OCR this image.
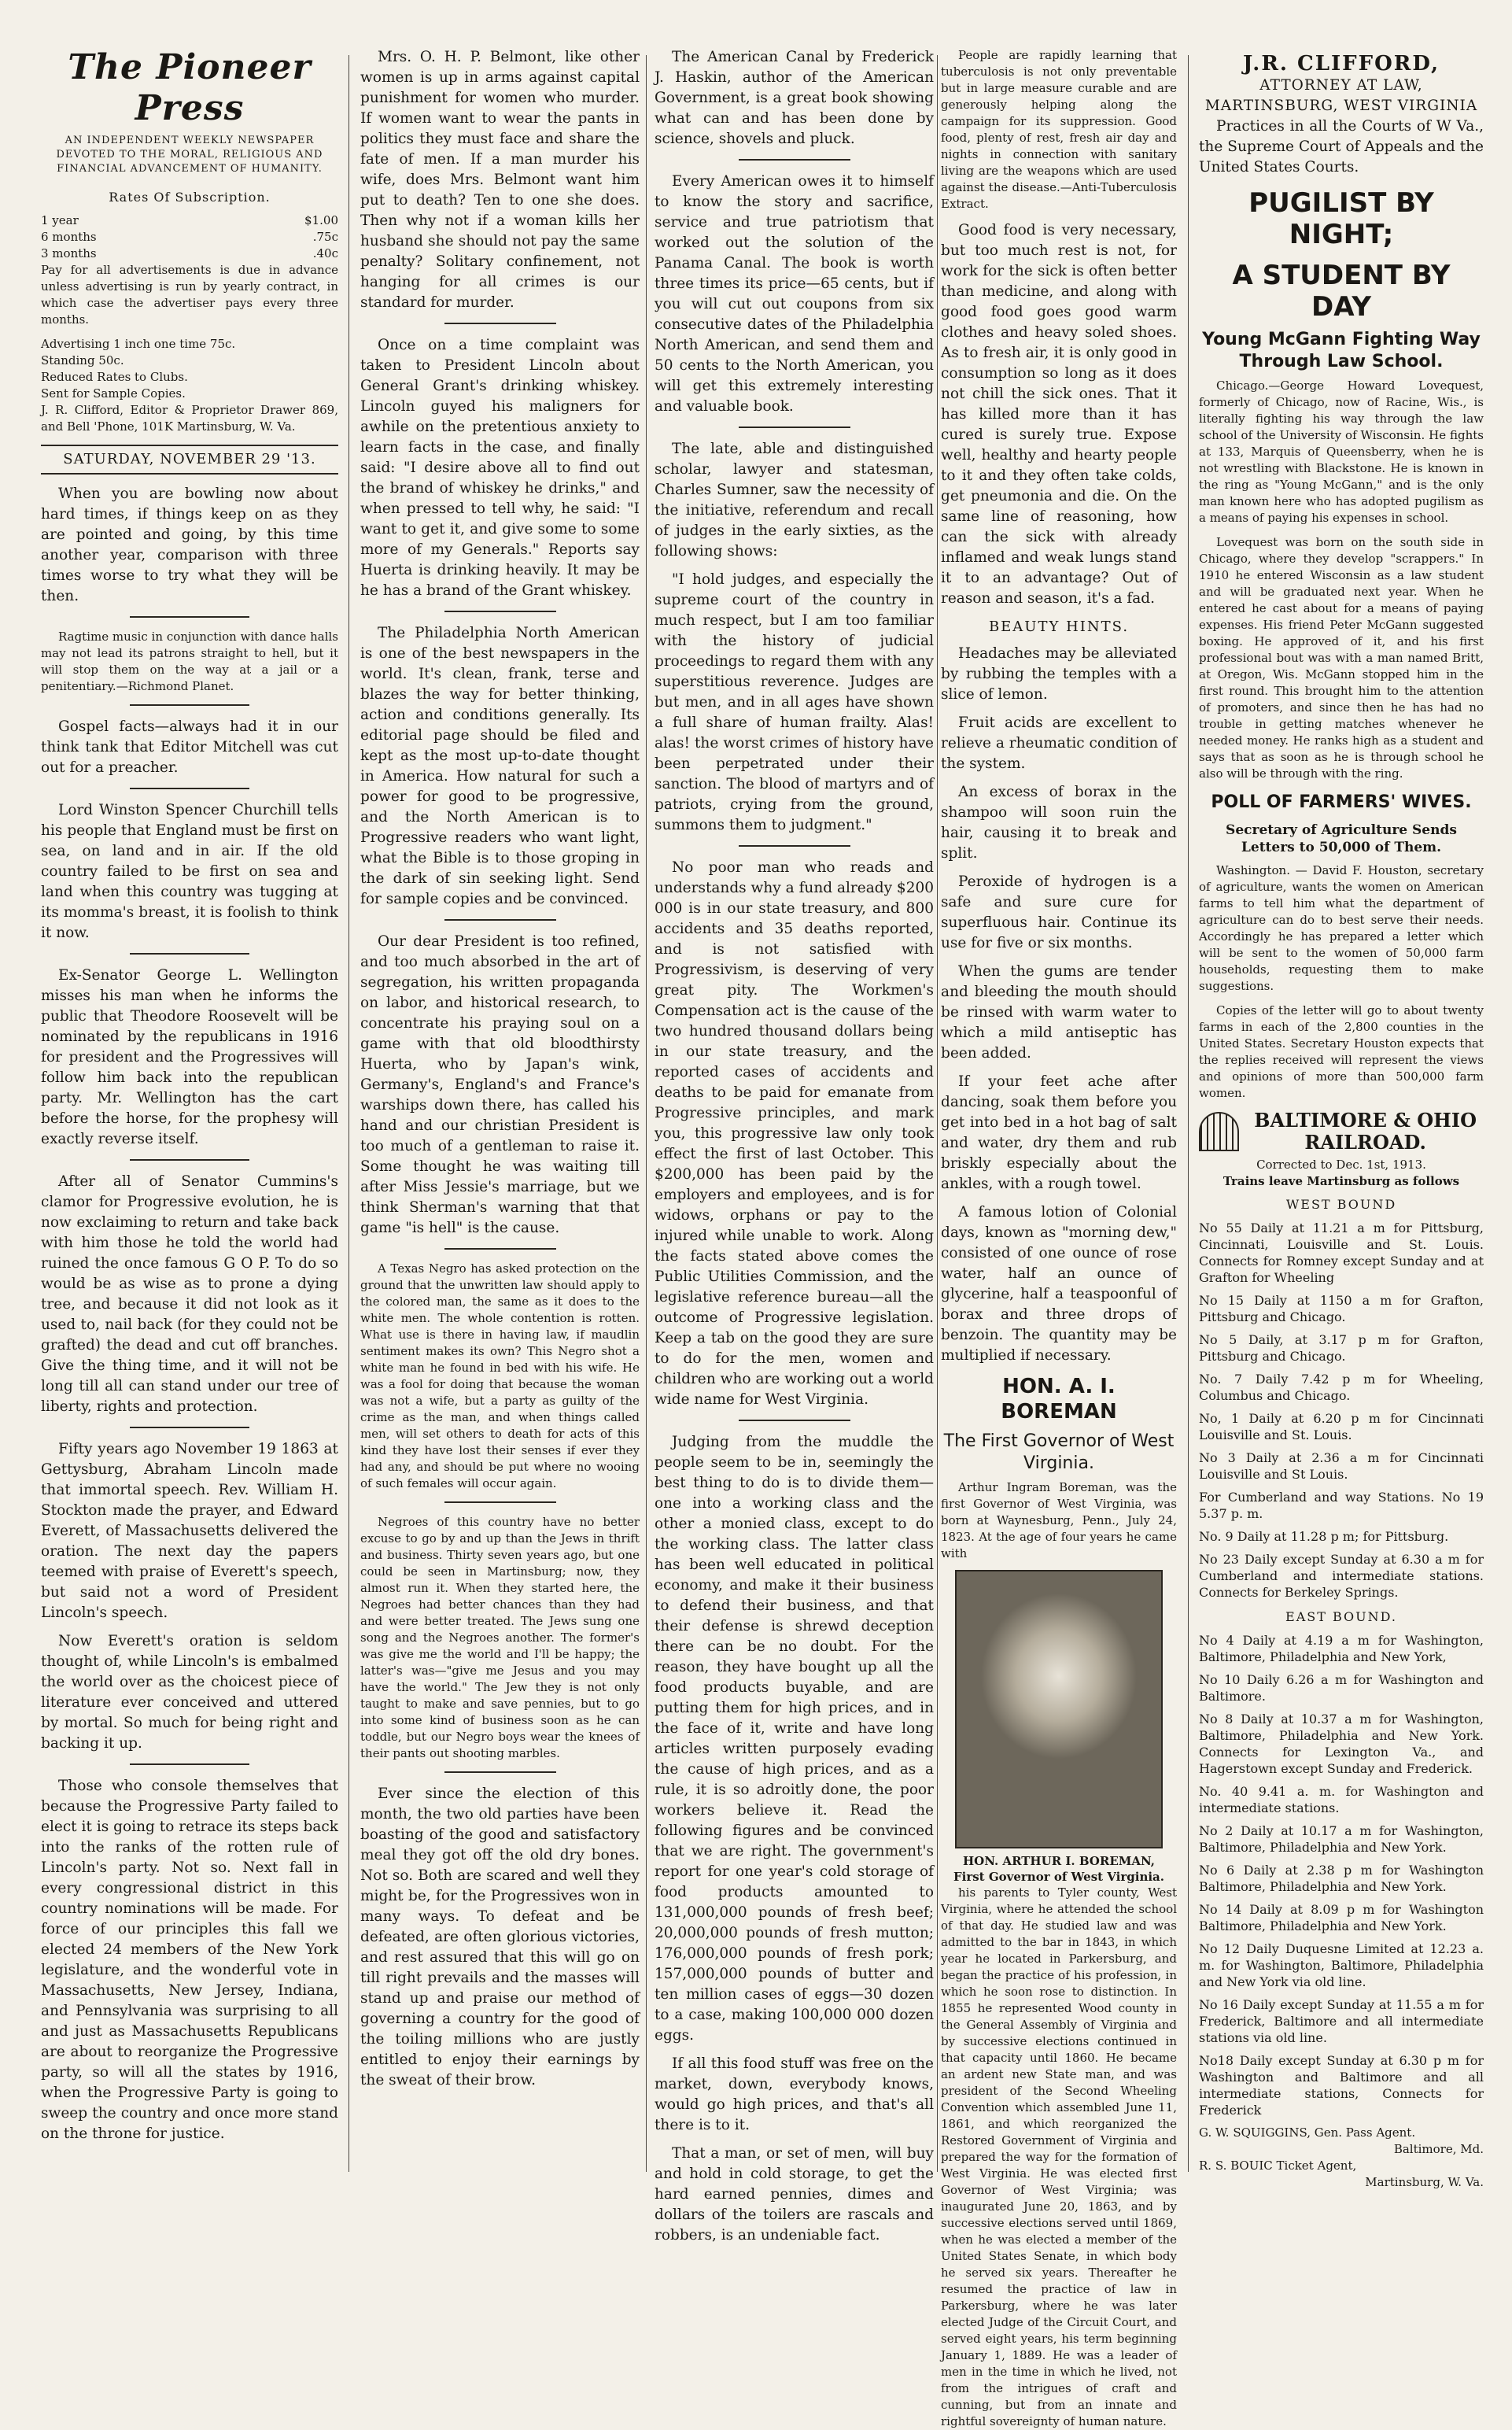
The Pioneer Press
AN INDEPENDENT WEEKLY NEWSPAPER DEVOTED TO THE MORAL, RELIGIOUS AND FINANCIAL ADVANCEMENT OF HUMANITY.
Rates Of Subscription.
1 year	$1.00
6 months	.75c
3 months	.40c

Pay for all advertisements is due in advance unless advertising is run by yearly contract, in which case the advertiser pays every three months.

Advertising 1 inch one time 75c.
Standing 50c.
Reduced Rates to Clubs.
Sent for Sample Copies.

J. R. Clifford, Editor & Proprietor Drawer 869, and Bell 'Phone, 101K Martinsburg, W. Va.

SATURDAY, NOVEMBER 29 '13.

When you are bowling now about hard times, if things keep on as they are pointed and going, by this time another year, comparison with three times worse to try what they will be then.

Ragtime music in conjunction with dance halls may not lead its patrons straight to hell, but it will stop them on the way at a jail or a penitentiary.—Richmond Planet.

Gospel facts—always had it in our think tank that Editor Mitchell was cut out for a preacher.

Lord Winston Spencer Churchill tells his people that England must be first on sea, on land and in air. If the old country failed to be first on sea and land when this country was tugging at its momma's breast, it is foolish to think it now.

Ex-Senator George L. Wellington misses his man when he informs the public that Theodore Roosevelt will be nominated by the republicans in 1916 for president and the Progressives will follow him back into the republican party. Mr. Wellington has the cart before the horse, for the prophesy will exactly reverse itself.

After all of Senator Cummins's clamor for Progressive evolution, he is now exclaiming to return and take back with him those he told the world had ruined the once famous G O P. To do so would be as wise as to prone a dying tree, and because it did not look as it used to, nail back (for they could not be grafted) the dead and cut off branches. Give the thing time, and it will not be long till all can stand under our tree of liberty, rights and protection.

Fifty years ago November 19 1863 at Gettysburg, Abraham Lincoln made that immortal speech. Rev. William H. Stockton made the prayer, and Edward Everett, of Massachusetts delivered the oration. The next day the papers teemed with praise of Everett's speech, but said not a word of President Lincoln's speech.

Now Everett's oration is seldom thought of, while Lincoln's is embalmed the world over as the choicest piece of literature ever conceived and uttered by mortal. So much for being right and backing it up.

Those who console themselves that because the Progressive Party failed to elect it is going to retrace its steps back into the ranks of the rotten rule of Lincoln's party. Not so. Next fall in every congressional district in this country nominations will be made. For force of our principles this fall we elected 24 members of the New York legislature, and the wonderful vote in Massachusetts, New Jersey, Indiana, and Pennsylvania was surprising to all and just as Massachusetts Republicans are about to reorganize the Progressive party, so will all the states by 1916, when the Progressive Party is going to sweep the country and once more stand on the throne for justice.

Mrs. O. H. P. Belmont, like other women is up in arms against capital punishment for women who murder. If women want to wear the pants in politics they must face and share the fate of men. If a man murder his wife, does Mrs. Belmont want him put to death? Ten to one she does. Then why not if a woman kills her husband she should not pay the same penalty? Solitary confinement, not hanging for all crimes is our standard for murder.

Once on a time complaint was taken to President Lincoln about General Grant's drinking whiskey. Lincoln guyed his maligners for awhile on the pretentious anxiety to learn facts in the case, and finally said: "I desire above all to find out the brand of whiskey he drinks," and when pressed to tell why, he said: "I want to get it, and give some to some more of my Generals." Reports say Huerta is drinking heavily. It may be he has a brand of the Grant whiskey.

The Philadelphia North American is one of the best newspapers in the world. It's clean, frank, terse and blazes the way for better thinking, action and conditions generally. Its editorial page should be filed and kept as the most up-to-date thought in America. How natural for such a power for good to be progressive, and the North American is to Progressive readers who want light, what the Bible is to those groping in the dark of sin seeking light. Send for sample copies and be convinced.

Our dear President is too refined, and too much absorbed in the art of segregation, his written propaganda on labor, and historical research, to concentrate his praying soul on a game with that old bloodthirsty Huerta, who by Japan's wink, Germany's, England's and France's warships down there, has called his hand and our christian President is too much of a gentleman to raise it. Some thought he was waiting till after Miss Jessie's marriage, but we think Sherman's warning that that game "is hell" is the cause.

A Texas Negro has asked protection on the ground that the unwritten law should apply to the colored man, the same as it does to the white men. The whole contention is rotten. What use is there in having law, if maudlin sentiment makes its own? This Negro shot a white man he found in bed with his wife. He was a fool for doing that because the woman was not a wife, but a party as guilty of the crime as the man, and when things called men, will set others to death for acts of this kind they have lost their senses if ever they had any, and should be put where no wooing of such females will occur again.

Negroes of this country have no better excuse to go by and up than the Jews in thrift and business. Thirty seven years ago, but one could be seen in Martinsburg; now, they almost run it. When they started here, the Negroes had better chances than they had and were better treated. The Jews sung one song and the Negroes another. The former's was give me the world and I'll be happy; the latter's was—"give me Jesus and you may have the world." The Jew they is not only taught to make and save pennies, but to go into some kind of business soon as he can toddle, but our Negro boys wear the knees of their pants out shooting marbles.

Ever since the election of this month, the two old parties have been boasting of the good and satisfactory meal they got off the old dry bones. Not so. Both are scared and well they might be, for the Progressives won in many ways. To defeat and be defeated, are often glorious victories, and rest assured that this will go on till right prevails and the masses will stand up and praise our method of governing a country for the good of the toiling millions who are justly entitled to enjoy their earnings by the sweat of their brow.

The American Canal by Frederick J. Haskin, author of the American Government, is a great book showing what can and has been done by science, shovels and pluck.

Every American owes it to himself to know the story and sacrifice, service and true patriotism that worked out the solution of the Panama Canal. The book is worth three times its price—65 cents, but if you will cut out coupons from six consecutive dates of the Philadelphia North American, and send them and 50 cents to the North American, you will get this extremely interesting and valuable book.

The late, able and distinguished scholar, lawyer and statesman, Charles Sumner, saw the necessity of the initiative, referendum and recall of judges in the early sixties, as the following shows:

"I hold judges, and especially the supreme court of the country in much respect, but I am too familiar with the history of judicial proceedings to regard them with any superstitious reverence. Judges are but men, and in all ages have shown a full share of human frailty. Alas! alas! the worst crimes of history have been perpetrated under their sanction. The blood of martyrs and of patriots, crying from the ground, summons them to judgment."

No poor man who reads and understands why a fund already $200 000 is in our state treasury, and 800 accidents and 35 deaths reported, and is not satisfied with Progressivism, is deserving of very great pity. The Workmen's Compensation act is the cause of the two hundred thousand dollars being in our state treasury, and the reported cases of accidents and deaths to be paid for emanate from Progressive principles, and mark you, this progressive law only took effect the first of last October. This $200,000 has been paid by the employers and employees, and is for widows, orphans or pay to the injured while unable to work. Along the facts stated above comes the Public Utilities Commission, and the legislative reference bureau—all the outcome of Progressive legislation. Keep a tab on the good they are sure to do for the men, women and children who are working out a world wide name for West Virginia.

Judging from the muddle the people seem to be in, seemingly the best thing to do is to divide them—one into a working class and the other a monied class, except to do the working class. The latter class has been well educated in political economy, and make it their business to defend their business, and that their defense is shrewd deception there can be no doubt. For the reason, they have bought up all the food products buyable, and are putting them for high prices, and in the face of it, write and have long articles written purposely evading the cause of high prices, and as a rule, it is so adroitly done, the poor workers believe it. Read the following figures and be convinced that we are right. The government's report for one year's cold storage of food products amounted to 131,000,000 pounds of fresh beef; 20,000,000 pounds of fresh mutton; 176,000,000 pounds of fresh pork; 157,000,000 pounds of butter and ten million cases of eggs—30 dozen to a case, making 100,000 000 dozen eggs.

If all this food stuff was free on the market, down, everybody knows, would go high prices, and that's all there is to it.

That a man, or set of men, will buy and hold in cold storage, to get the hard earned pennies, dimes and dollars of the toilers are rascals and robbers, is an undeniable fact.

People are rapidly learning that tuberculosis is not only preventable but in large measure curable and are generously helping along the campaign for its suppression. Good food, plenty of rest, fresh air day and nights in connection with sanitary living are the weapons which are used against the disease.—Anti-Tuberculosis Extract.

Good food is very necessary, but too much rest is not, for work for the sick is often better than medicine, and along with good food goes good warm clothes and heavy soled shoes. As to fresh air, it is only good in consumption so long as it does not chill the sick ones. That it has killed more than it has cured is surely true. Expose well, healthy and hearty people to it and they often take colds, get pneumonia and die. On the same line of reasoning, how can the sick with already inflamed and weak lungs stand it to an advantage? Out of reason and season, it's a fad.

BEAUTY HINTS.

Headaches may be alleviated by rubbing the temples with a slice of lemon.

Fruit acids are excellent to relieve a rheumatic condition of the system.

An excess of borax in the shampoo will soon ruin the hair, causing it to break and split.

Peroxide of hydrogen is a safe and sure cure for superfluous hair. Continue its use for five or six months.

When the gums are tender and bleeding the mouth should be rinsed with warm water to which a mild antiseptic has been added.

If your feet ache after dancing, soak them before you get into bed in a hot bag of salt and water, dry them and rub briskly especially about the ankles, with a rough towel.

A famous lotion of Colonial days, known as "morning dew," consisted of one ounce of rose water, half an ounce of glycerine, half a teaspoonful of borax and three drops of benzoin. The quantity may be multiplied if necessary.

HON. A. I. BOREMAN
The First Governor of West Virginia.

Arthur Ingram Boreman, was the first Governor of West Virginia, was born at Waynesburg, Penn., July 24, 1823. At the age of four years he came with

HON. ARTHUR I. BOREMAN,
First Governor of West Virginia.

his parents to Tyler county, West Virginia, where he attended the school of that day. He studied law and was admitted to the bar in 1843, in which year he located in Parkersburg, and began the practice of his profession, in which he soon rose to distinction. In 1855 he represented Wood county in the General Assembly of Virginia and by successive elections continued in that capacity until 1860. He became an ardent new State man, and was president of the Second Wheeling Convention which assembled June 11, 1861, and which reorganized the Restored Government of Virginia and prepared the way for the formation of West Virginia. He was elected first Governor of West Virginia; was inaugurated June 20, 1863, and by successive elections served until 1869, when he was elected a member of the United States Senate, in which body he served six years. Thereafter he resumed the practice of law in Parkersburg, where he was later elected Judge of the Circuit Court, and served eight years, his term beginning January 1, 1889. He was a leader of men in the time in which he lived, not from the intrigues of craft and cunning, but from an innate and rightful sovereignty of human nature.

J.R. CLIFFORD,
ATTORNEY AT LAW,
MARTINSBURG, WEST VIRGINIA

Practices in all the Courts of W Va., the Supreme Court of Appeals and the United States Courts.

PUGILIST BY NIGHT;
A STUDENT BY DAY
Young McGann Fighting Way Through Law School.

Chicago.—George Howard Lovequest, formerly of Chicago, now of Racine, Wis., is literally fighting his way through the law school of the University of Wisconsin. He fights at 133, Marquis of Queensberry, when he is not wrestling with Blackstone. He is known in the ring as "Young McGann," and is the only man known here who has adopted pugilism as a means of paying his expenses in school.

Lovequest was born on the south side in Chicago, where they develop "scrappers." In 1910 he entered Wisconsin as a law student and will be graduated next year. When he entered he cast about for a means of paying expenses. His friend Peter McGann suggested boxing. He approved of it, and his first professional bout was with a man named Britt, at Oregon, Wis. McGann stopped him in the first round. This brought him to the attention of promoters, and since then he has had no trouble in getting matches whenever he needed money. He ranks high as a student and says that as soon as he is through school he also will be through with the ring.

POLL OF FARMERS' WIVES.
Secretary of Agriculture Sends Letters to 50,000 of Them.

Washington. — David F. Houston, secretary of agriculture, wants the women on American farms to tell him what the department of agriculture can do to best serve their needs. Accordingly he has prepared a letter which will be sent to the women of 50,000 farm households, requesting them to make suggestions.

Copies of the letter will go to about twenty farms in each of the 2,800 counties in the United States. Secretary Houston expects that the replies received will represent the views and opinions of more than 500,000 farm women.

BALTIMORE & OHIO RAILROAD.
Corrected to Dec. 1st, 1913.
Trains leave Martinsburg as follows
WEST BOUND

No 55 Daily at 11.21 a m for Pittsburg, Cincinnati, Louisville and St. Louis. Connects for Romney except Sunday and at Grafton for Wheeling

No 15 Daily at 1150 a m for Grafton, Pittsburg and Chicago.

No 5 Daily, at 3.17 p m for Grafton, Pittsburg and Chicago.

No. 7 Daily 7.42 p m for Wheeling, Columbus and Chicago.

No, 1 Daily at 6.20 p m for Cincinnati Louisville and St. Louis.

No 3 Daily at 2.36 a m for Cincinnati Louisville and St Louis.

For Cumberland and way Stations. No 19 5.37 p. m.

No. 9 Daily at 11.28 p m; for Pittsburg.

No 23 Daily except Sunday at 6.30 a m for Cumberland and intermediate stations. Connects for Berkeley Springs.

EAST BOUND.

No 4 Daily at 4.19 a m for Washington, Baltimore, Philadelphia and New York,

No 10 Daily 6.26 a m for Washington and Baltimore.

No 8 Daily at 10.37 a m for Washington, Baltimore, Philadelphia and New York. Connects for Lexington Va., and Hagerstown except Sunday and Frederick.

No. 40 9.41 a. m. for Washington and intermediate stations.

No 2 Daily at 10.17 a m for Washington, Baltimore, Philadelphia and New York.

No 6 Daily at 2.38 p m for Washington Baltimore, Philadelphia and New York.

No 14 Daily at 8.09 p m for Washington Baltimore, Philadelphia and New York.

No 12 Daily Duquesne Limited at 12.23 a. m. for Washington, Baltimore, Philadelphia and New York via old line.

No 16 Daily except Sunday at 11.55 a m for Frederick, Baltimore and all intermediate stations via old line.

No18 Daily except Sunday at 6.30 p m for Washington and Baltimore and all intermediate stations, Connects for Frederick

G. W. SQUIGGINS, Gen. Pass Agent.
Baltimore, Md.
R. S. BOUIC Ticket Agent,
Martinsburg, W. Va.
